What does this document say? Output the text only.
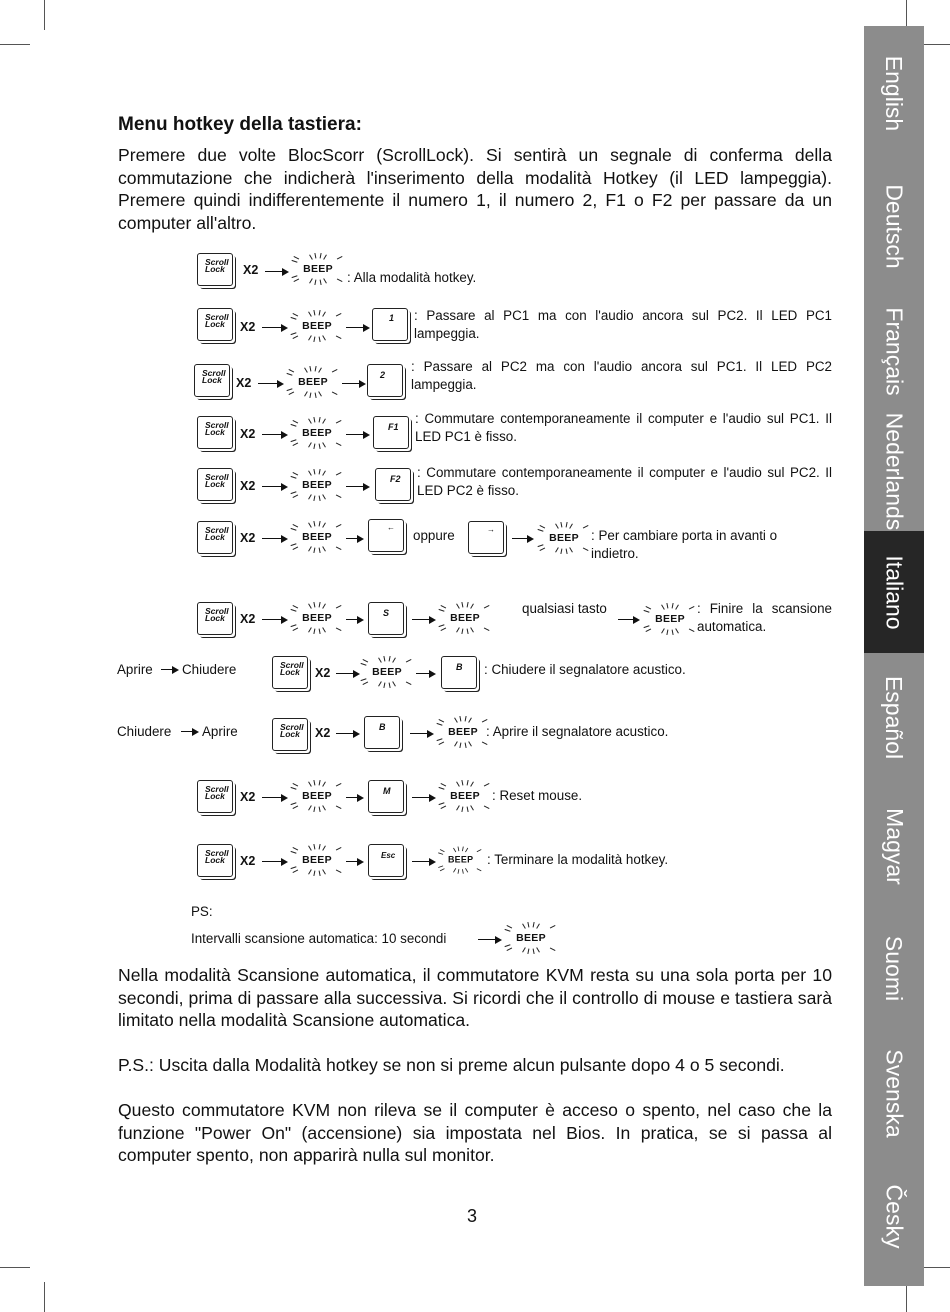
English
Deutsch
Français
Nederlands
Italiano
Español
Magyar
Suomi
Svenska
Česky
Menu hotkey della tastiera:

Premere due volte BlocScorr (ScrollLock). Si sentirà un segnale di conferma della commutazione che indicherà l'inserimento della modalità Hotkey (il LED lampeggia). Premere quindi indifferentemente il numero 1, il numero 2, F1 o F2 per passare da un computer all'altro.

Scroll Lock	X2	BEEP
: Alla modalità hotkey.
Scroll Lock	X2	BEEP
1 : Passare al PC1 ma con l'audio ancora sul PC2. Il LED PC1 lampeggia.
Scroll Lock	X2	BEEP
2
: Passare al PC2 ma con l'audio ancora sul PC1. Il LED PC2 lampeggia.
Scroll Lock	X2	BEEP	F1
: Commutare contemporaneamente il computer e l'audio sul PC1. Il LED PC1 è fisso.
Scroll Lock	X2	BEEP	F2 : Commutare contemporaneamente il computer e l'audio sul PC2. Il LED PC2 è fisso.
Scroll Lock	X2	BEEP
←
oppure	→
BEEP : Per cambiare porta in avanti o indietro.
Scroll Lock	X2	BEEP	S	BEEP
qualsiasi tasto
BEEP
: Finire la scansione automatica.
Aprire Chiudere	Scroll Lock	X2	BEEP	B : Chiudere il segnalatore acustico.
Chiudere Aprire	Scroll Lock	X2	B	BEEP : Aprire il segnalatore acustico.
Scroll Lock	X2	BEEP	M	BEEP : Reset mouse.
Scroll Lock	X2	BEEP	Esc	BEEP	: Terminare la modalità hotkey.
PS:
Intervalli scansione automatica: 10 secondi	BEEP

Nella modalità Scansione automatica, il commutatore KVM resta su una sola porta per 10 secondi, prima di passare alla successiva. Si ricordi che il controllo di mouse e tastiera sarà limitato nella modalità Scansione automatica.

P.S.: Uscita dalla Modalità hotkey se non si preme alcun pulsante dopo 4 o 5 secondi.

Questo commutatore KVM non rileva se il computer è acceso o spento, nel caso che la funzione "Power On" (accensione) sia impostata nel Bios. In pratica, se si passa al computer spento, non apparirà nulla sul monitor.

3
